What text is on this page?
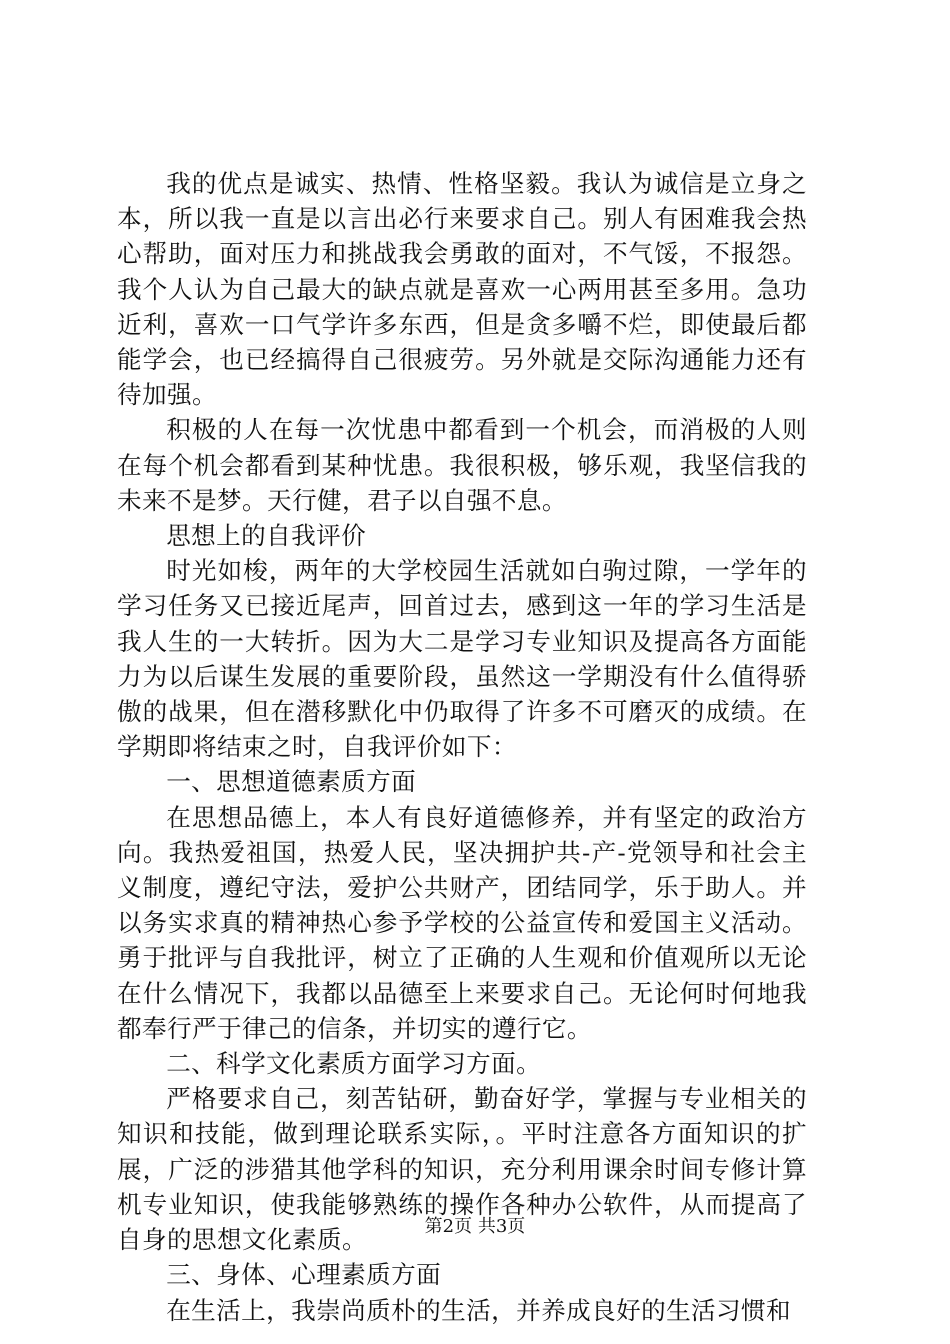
我的优点是诚实、热情、性格坚毅。我认为诚信是立身之本，所以我一直是以言出必行来要求自己。别人有困难我会热心帮助，面对压力和挑战我会勇敢的面对，不气馁，不报怨。我个人认为自己最大的缺点就是喜欢一心两用甚至多用。急功近利，喜欢一口气学许多东西，但是贪多嚼不烂，即使最后都能学会，也已经搞得自己很疲劳。另外就是交际沟通能力还有待加强。

积极的人在每一次忧患中都看到一个机会，而消极的人则在每个机会都看到某种忧患。我很积极，够乐观，我坚信我的未来不是梦。天行健，君子以自强不息。

思想上的自我评价

时光如梭，两年的大学校园生活就如白驹过隙，一学年的学习任务又已接近尾声，回首过去，感到这一年的学习生活是我人生的一大转折。因为大二是学习专业知识及提高各方面能力为以后谋生发展的重要阶段，虽然这一学期没有什么值得骄傲的战果，但在潜移默化中仍取得了许多不可磨灭的成绩。在学期即将结束之时，自我评价如下：

一、思想道德素质方面

在思想品德上，本人有良好道德修养，并有坚定的政治方向。我热爱祖国，热爱人民，坚决拥护共-产-党领导和社会主义制度，遵纪守法，爱护公共财产，团结同学，乐于助人。并以务实求真的精神热心参予学校的公益宣传和爱国主义活动。勇于批评与自我批评，树立了正确的人生观和价值观所以无论在什么情况下，我都以品德至上来要求自己。无论何时何地我都奉行严于律己的信条，并切实的遵行它。

二、科学文化素质方面学习方面。

严格要求自己，刻苦钻研，勤奋好学，掌握与专业相关的知识和技能，做到理论联系实际，。平时注意各方面知识的扩展，广泛的涉猎其他学科的知识，充分利用课余时间专修计算机专业知识，使我能够熟练的操作各种办公软件，从而提高了自身的思想文化素质。

三、身体、心理素质方面

在生活上，我崇尚质朴的生活，并养成良好的生活习惯和

第2页 共3页
